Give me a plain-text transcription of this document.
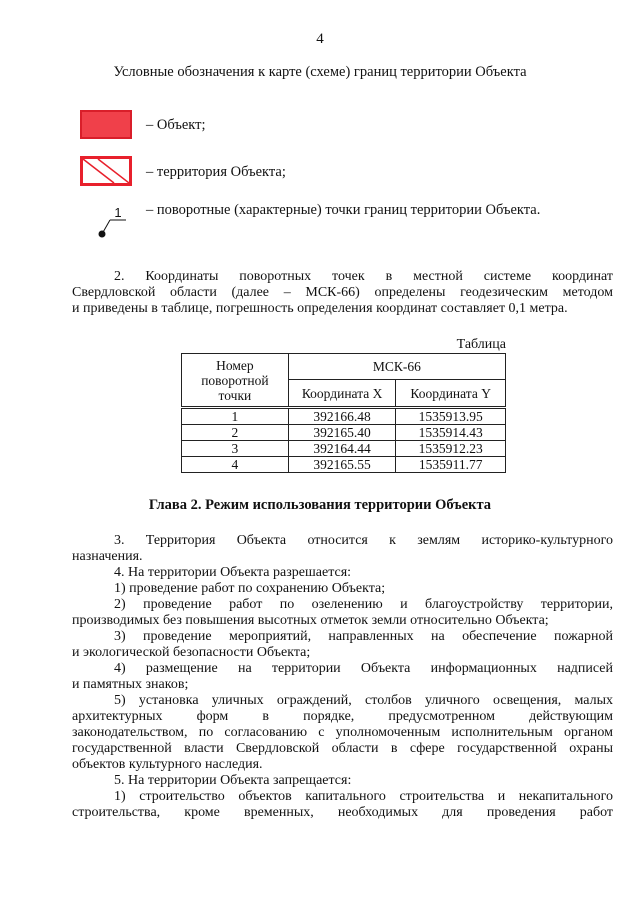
4
Условные обозначения к карте (схеме) границ территории Объекта
– Объект;
– территория Объекта;
1 – поворотные (характерные) точки границ территории Объекта.
2. Координаты поворотных точек в местной системе координат
Свердловской области (далее – МСК-66) определены геодезическим методом
и приведены в таблице, погрешность определения координат составляет 0,1 метра.
Таблица
Номер поворотной точки	МСК-66	
	Координата X	Координата Y
1	392166.48	1535913.95
2	392165.40	1535914.43
3	392164.44	1535912.23
4	392165.55	1535911.77
Глава 2. Режим использования территории Объекта
3. Территория Объекта относится к землям историко-культурного
назначения.
4. На территории Объекта разрешается:
1) проведение работ по сохранению Объекта;
2) проведение работ по озеленению и благоустройству территории,
производимых без повышения высотных отметок земли относительно Объекта;
3) проведение мероприятий, направленных на обеспечение пожарной
и экологической безопасности Объекта;
4) размещение на территории Объекта информационных надписей
и памятных знаков;
5) установка уличных ограждений, столбов уличного освещения, малых
архитектурных форм в порядке, предусмотренном действующим
законодательством, по согласованию с уполномоченным исполнительным органом
государственной власти Свердловской области в сфере государственной охраны
объектов культурного наследия.
5. На территории Объекта запрещается:
1) строительство объектов капитального строительства и некапитального
строительства, кроме временных, необходимых для проведения работ
